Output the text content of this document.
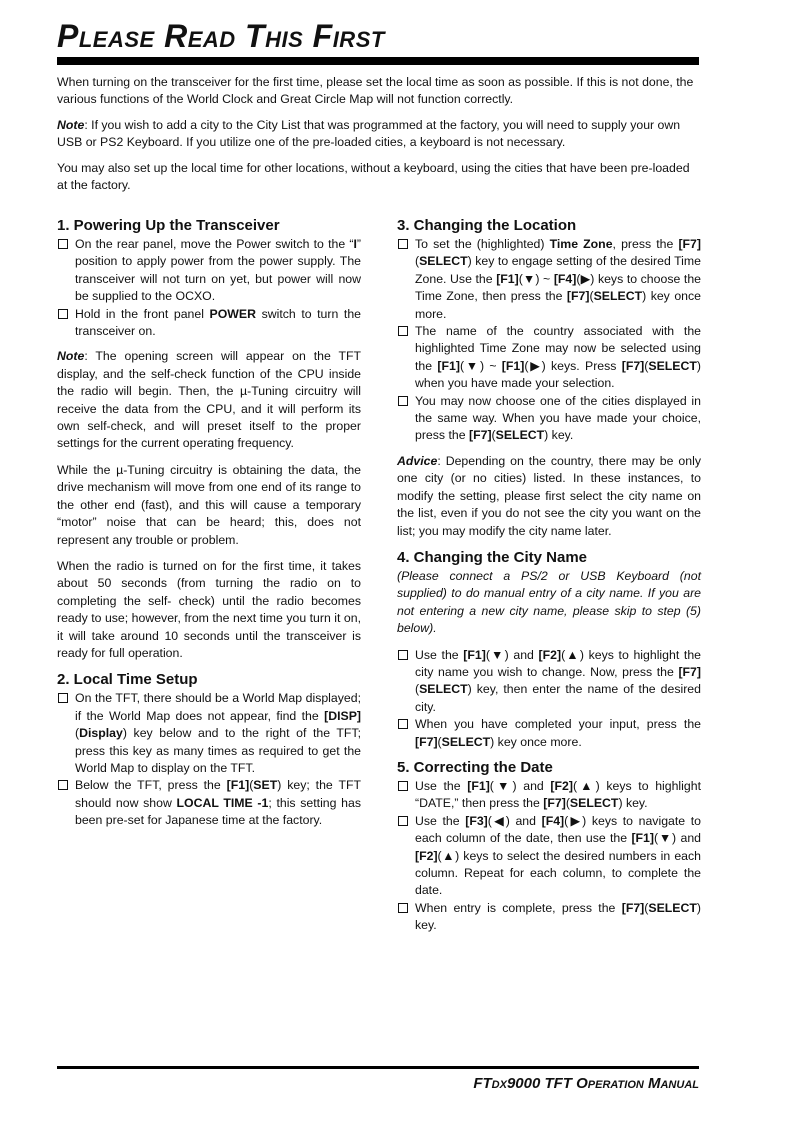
Please Read This First

When turning on the transceiver for the first time, please set the local time as soon as possible. If this is not done, the various functions of the World Clock and Great Circle Map will not function correctly.

Note: If you wish to add a city to the City List that was programmed at the factory, you will need to supply your own USB or PS2 Keyboard. If you utilize one of the pre-loaded cities, a keyboard is not necessary.

You may also set up the local time for other locations, without a keyboard, using the cities that have been pre-loaded at the factory.

1. Powering Up the Transceiver
On the rear panel, move the Power switch to the “I” position to apply power from the power supply. The transceiver will not turn on yet, but power will now be supplied to the OCXO.
Hold in the front panel POWER switch to turn the transceiver on.

Note: The opening screen will appear on the TFT display, and the self-check function of the CPU inside the radio will begin. Then, the µ-Tuning circuitry will receive the data from the CPU, and it will perform its own self-check, and will preset itself to the proper settings for the current operating frequency.

While the µ-Tuning circuitry is obtaining the data, the drive mechanism will move from one end of its range to the other end (fast), and this will cause a temporary “motor” noise that can be heard; this, does not represent any trouble or problem.

When the radio is turned on for the first time, it takes about 50 seconds (from turning the radio on to completing the self- check) until the radio becomes ready to use; however, from the next time you turn it on, it will take around 10 seconds until the transceiver is ready for full operation.

2. Local Time Setup
On the TFT, there should be a World Map displayed; if the World Map does not appear, find the [DISP](Display) key below and to the right of the TFT; press this key as many times as required to get the World Map to display on the TFT.
Below the TFT, press the [F1](SET) key; the TFT should now show LOCAL TIME -1; this setting has been pre-set for Japanese time at the factory.
3. Changing the Location
To set the (highlighted) Time Zone, press the [F7](SELECT) key to engage setting of the desired Time Zone. Use the [F1](▼) ~ [F4](▶) keys to choose the Time Zone, then press the [F7](SELECT) key once more.
The name of the country associated with the highlighted Time Zone may now be selected using the [F1](▼) ~ [F1](▶) keys. Press [F7](SELECT) when you have made your selection.
You may now choose one of the cities displayed in the same way. When you have made your choice, press the [F7](SELECT) key.

Advice: Depending on the country, there may be only one city (or no cities) listed. In these instances, to modify the setting, please first select the city name on the list, even if you do not see the city you want on the list; you may modify the city name later.

4. Changing the City Name

(Please connect a PS/2 or USB Keyboard (not supplied) to do manual entry of a city name. If you are not entering a new city name, please skip to step (5) below).

Use the [F1](▼) and [F2](▲) keys to highlight the city name you wish to change. Now, press the [F7](SELECT) key, then enter the name of the desired city.
When you have completed your input, press the [F7](SELECT) key once more.
5. Correcting the Date
Use the [F1](▼) and [F2](▲) keys to highlight “DATE,” then press the [F7](SELECT) key.
Use the [F3](◀) and [F4](▶) keys to navigate to each column of the date, then use the [F1](▼) and [F2](▲) keys to select the desired numbers in each column. Repeat for each column, to complete the date.
When entry is complete, press the [F7](SELECT) key.
FTdx9000 TFT Operation Manual
